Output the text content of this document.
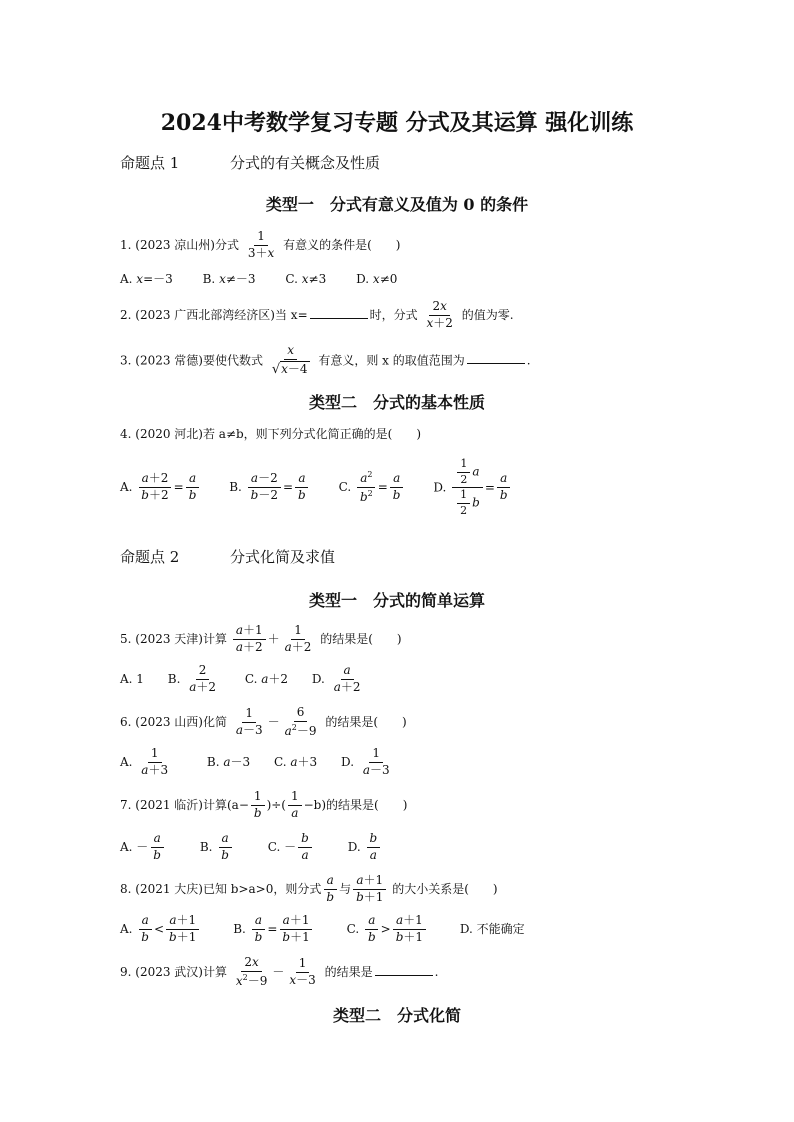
2024中考数学复习专题 分式及其运算 强化训练
命题点 1	分式的有关概念及性质
类型一　分式有意义及值为 0 的条件
1. (2023 凉山州)分式 $\frac{1}{3+x}$ 有意义的条件是(　　)
A. x=－3 B. x≠－3 C. x≠3 D. x≠0
2. (2023 广西北部湾经济区)当 x=	时，分式 $\frac{2x}{x+2}$ 的值为零.
3. (2023 常德)要使代数式 $\frac{x}{√x-4}$ 有意义，则 x 的取值范围为	.
类型二　分式的基本性质
4. (2020 河北)若 a≠b，则下列分式化简正确的是(　　)
A. $\frac{a+2}{b+2} = \frac{a}{b} B$. $\frac{a-2}{b-2} = \frac{a}{b} C$. $\frac{a^2}{b^2} = \frac{a}{b} D$. $\frac{\frac{1}{2} a}{\frac{1}{2} b} = \frac{a}{b}$
命题点 2	分式化简及求值
类型一　分式的简单运算
5. (2023 天津)计算 $\frac{a+1}{a+2} + \frac{1}{a+2}$ 的结果是(　　)
A. 1 B. $\frac{2}{a+2} C$. a＋2 D. $\frac{a}{a+2}$
6. (2023 山西)化简 $\frac{1}{a-3} - \frac{6}{a^2-9}$ 的结果是(　　)
A. $\frac{1}{a+3}$	B. a－3 C. a＋3 D. $\frac{1}{a-3}$
7. (2021 临沂)计算($a- \frac{1}{b}$ )÷( $\frac{1}{a} -b$)的结果是(　　)
A. － $\frac{a}{b}$	B. $\frac{a}{b}$	C. － $\frac{b}{a}$	D. $\frac{b}{a}$
8. (2021 大庆)已知 b>a>0，则分式 $\frac{a}{b}$ 与 $\frac{a+1}{b+1}$ 的大小关系是(　　)
A. $\frac{a}{b} < \frac{a+1}{b+1}$	B. $\frac{a}{b} = \frac{a+1}{b+1}$	C. $\frac{a}{b} > \frac{a+1}{b+1}$	D. 不能确定
9. (2023 武汉)计算 $\frac{2x}{x^2-9} - \frac{1}{x-3}$ 的结果是	.
类型二　分式化简
